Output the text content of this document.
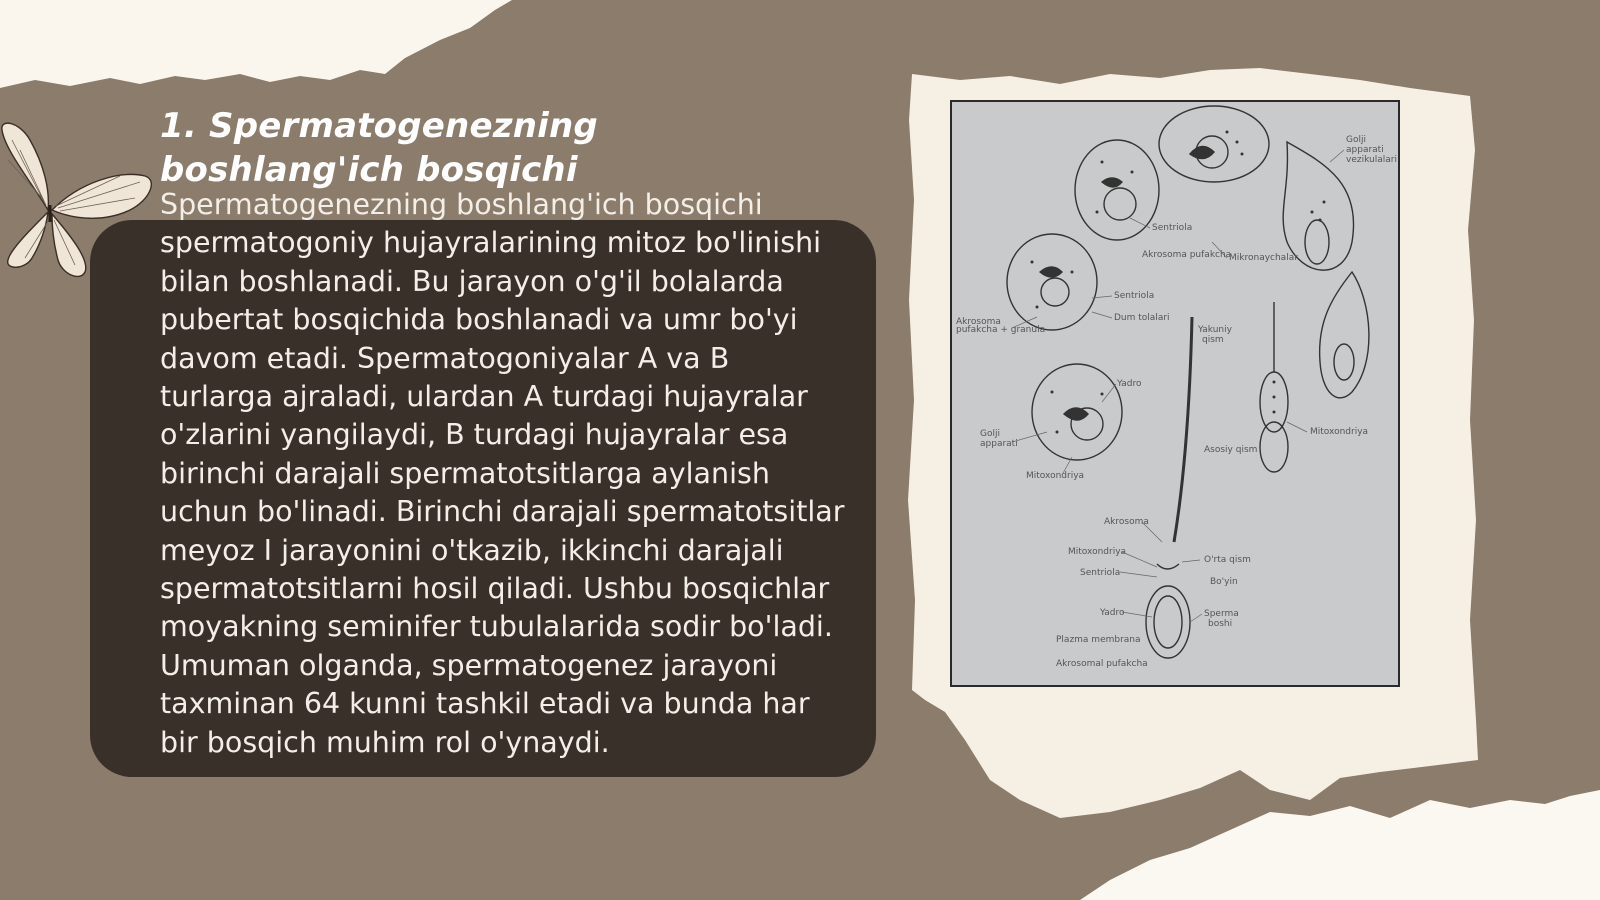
1. Spermatogenezning boshlang'ich bosqichi

Spermatogenezning boshlang'ich bosqichi spermatogoniy hujayralarining mitoz bo'linishi bilan boshlanadi. Bu jarayon o'g'il bolalarda pubertat bosqichida boshlanadi va umr bo'yi davom etadi. Spermatogoniyalar A va B turlarga ajraladi, ulardan A turdagi hujayralar o'zlarini yangilaydi, B turdagi hujayralar esa birinchi darajali spermatotsitlarga aylanish uchun bo'linadi. Birinchi darajali spermatotsitlar meyoz I jarayonini o'tkazib, ikkinchi darajali spermatotsitlarni hosil qiladi. Ushbu bosqichlar moyakning seminifer tubulalarida sodir bo'ladi. Umuman olganda, spermatogenez jarayoni taxminan 64 kunni tashkil etadi va bunda har bir bosqich muhim rol o'ynaydi.

Golji
apparati
vezikulalari
Sentriola
Akrosoma pufakcha
Mikronaychalar
Sentriola
Dum tolalari
Akrosoma
pufakcha + granula	Yakuniy
qism
Yadro
Golji
apparati
Mitoxondriya
Asosiy qism
Mitoxondriya
Akrosoma
Mitoxondriya
O'rta qism
Sentriola
Bo'yin
Yadro	Sperma
boshi
Plazma membrana
Akrosomal pufakcha
